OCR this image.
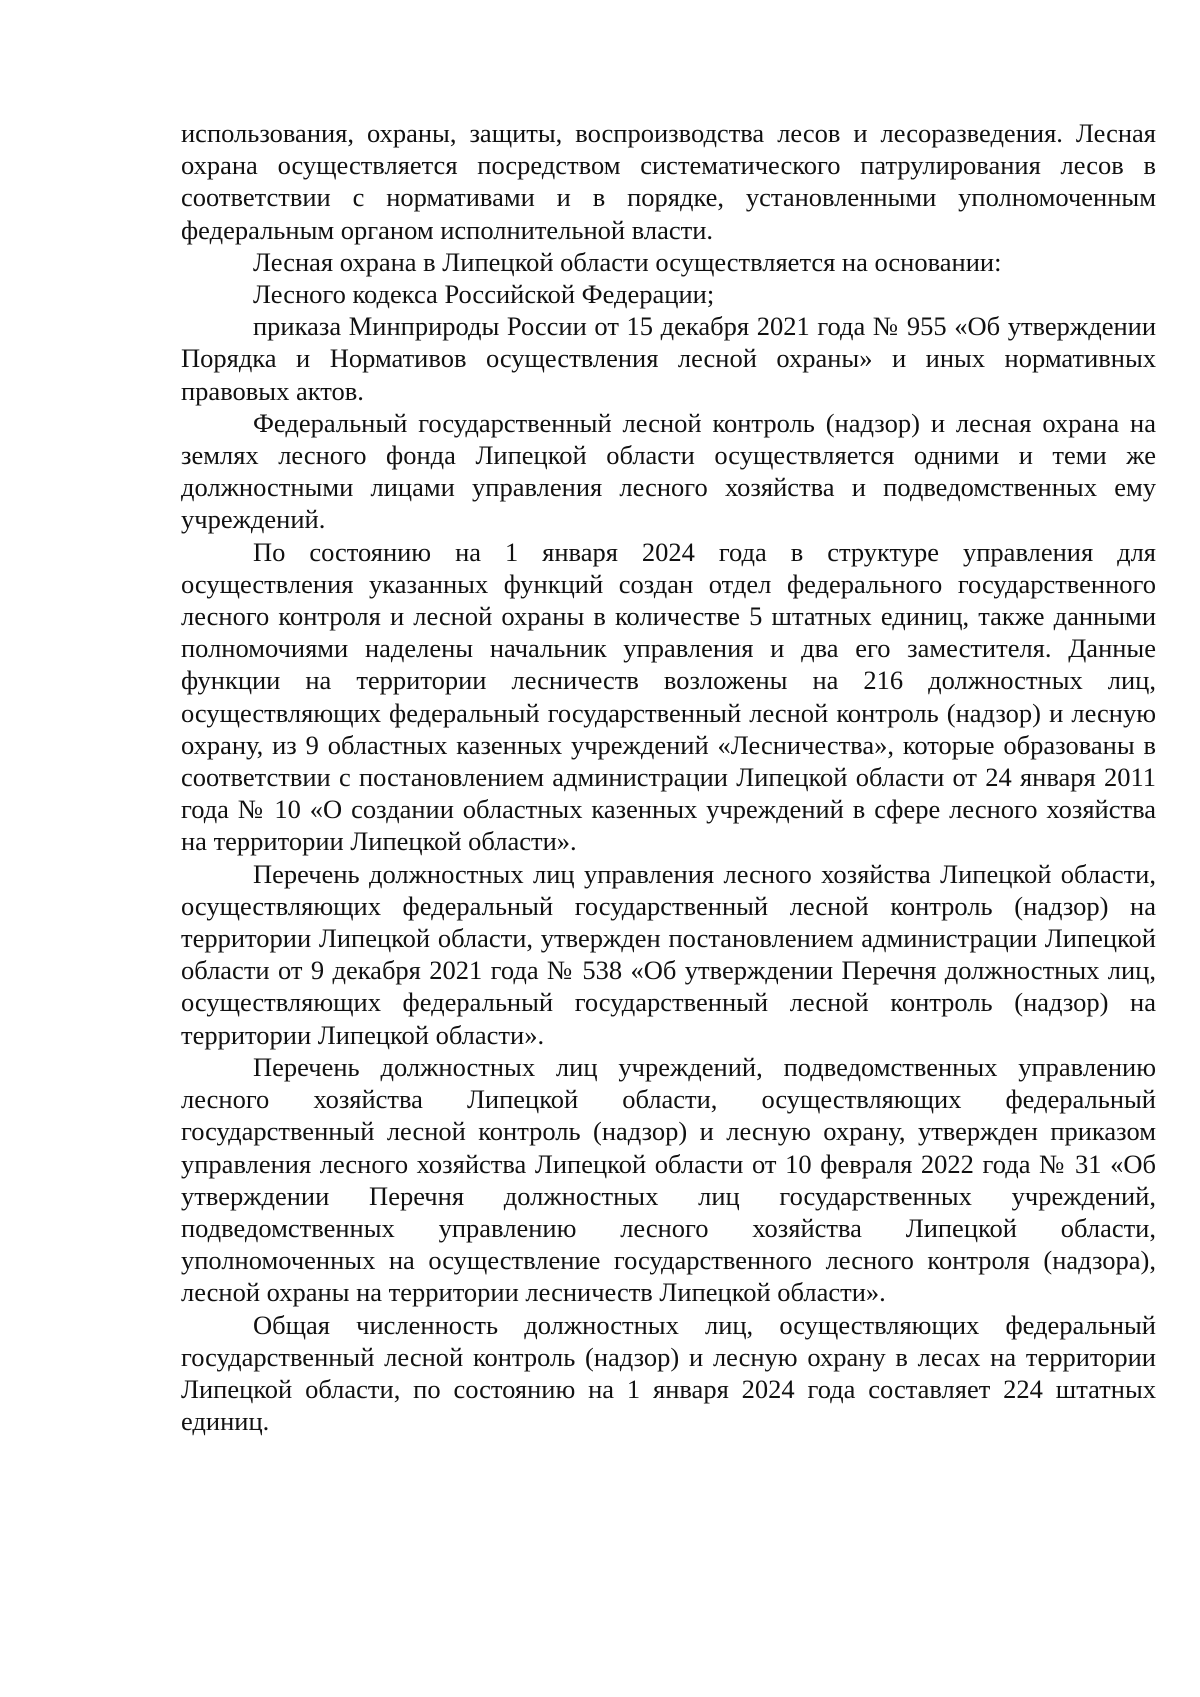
использования, охраны, защиты, воспроизводства лесов и лесоразведения. Лесная охрана осуществляется посредством систематического патрулирования лесов в соответствии с нормативами и в порядке, установленными уполномоченным федеральным органом исполнительной власти.

Лесная охрана в Липецкой области осуществляется на основании:

Лесного кодекса Российской Федерации;

приказа Минприроды России от 15 декабря 2021 года № 955 «Об утверждении Порядка и Нормативов осуществления лесной охраны» и иных нормативных правовых актов.

Федеральный государственный лесной контроль (надзор) и лесная охрана на землях лесного фонда Липецкой области осуществляется одними и теми же должностными лицами управления лесного хозяйства и подведомственных ему учреждений.

По состоянию на 1 января 2024 года в структуре управления для осуществления указанных функций создан отдел федерального государственного лесного контроля и лесной охраны в количестве 5 штатных единиц, также данными полномочиями наделены начальник управления и два его заместителя. Данные функции на территории лесничеств возложены на 216 должностных лиц, осуществляющих федеральный государственный лесной контроль (надзор) и лесную охрану, из 9 областных казенных учреждений «Лесничества», которые образованы в соответствии с постановлением администрации Липецкой области от 24 января 2011 года № 10 «О создании областных казенных учреждений в сфере лесного хозяйства на территории Липецкой области».

Перечень должностных лиц управления лесного хозяйства Липецкой области, осуществляющих федеральный государственный лесной контроль (надзор) на территории Липецкой области, утвержден постановлением администрации Липецкой области от 9 декабря 2021 года № 538 «Об утверждении Перечня должностных лиц, осуществляющих федеральный государственный лесной контроль (надзор) на территории Липецкой области».

Перечень должностных лиц учреждений, подведомственных управлению лесного хозяйства Липецкой области, осуществляющих федеральный государственный лесной контроль (надзор) и лесную охрану, утвержден приказом управления лесного хозяйства Липецкой области от 10 февраля 2022 года № 31 «Об утверждении Перечня должностных лиц государственных учреждений, подведомственных управлению лесного хозяйства Липецкой области, уполномоченных на осуществление государственного лесного контроля (надзора), лесной охраны на территории лесничеств Липецкой области».

Общая численность должностных лиц, осуществляющих федеральный государственный лесной контроль (надзор) и лесную охрану в лесах на территории Липецкой области, по состоянию на 1 января 2024 года составляет 224 штатных единиц.
